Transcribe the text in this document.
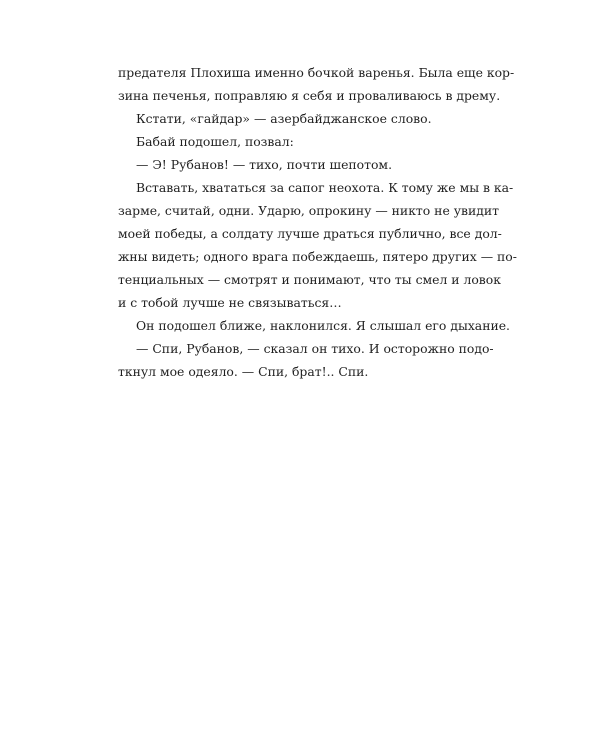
предателя Плохиша именно бочкой варенья. Была еще кор-
зина печенья, поправляю я себя и проваливаюсь в дрему.
Кстати, «гайдар» — азербайджанское слово.
Бабай подошел, позвал:
— Э! Рубанов! — тихо, почти шепотом.
Вставать, хвататься за сапог неохота. К тому же мы в ка-
зарме, считай, одни. Ударю, опрокину — никто не увидит
моей победы, а солдату лучше драться публично, все дол-
жны видеть; одного врага побеждаешь, пятеро других — по-
тенциальных — смотрят и понимают, что ты смел и ловок
и с тобой лучше не связываться…
Он подошел ближе, наклонился. Я слышал его дыхание.
— Спи, Рубанов, — сказал он тихо. И осторожно подо-
ткнул мое одеяло. — Спи, брат!.. Спи.
